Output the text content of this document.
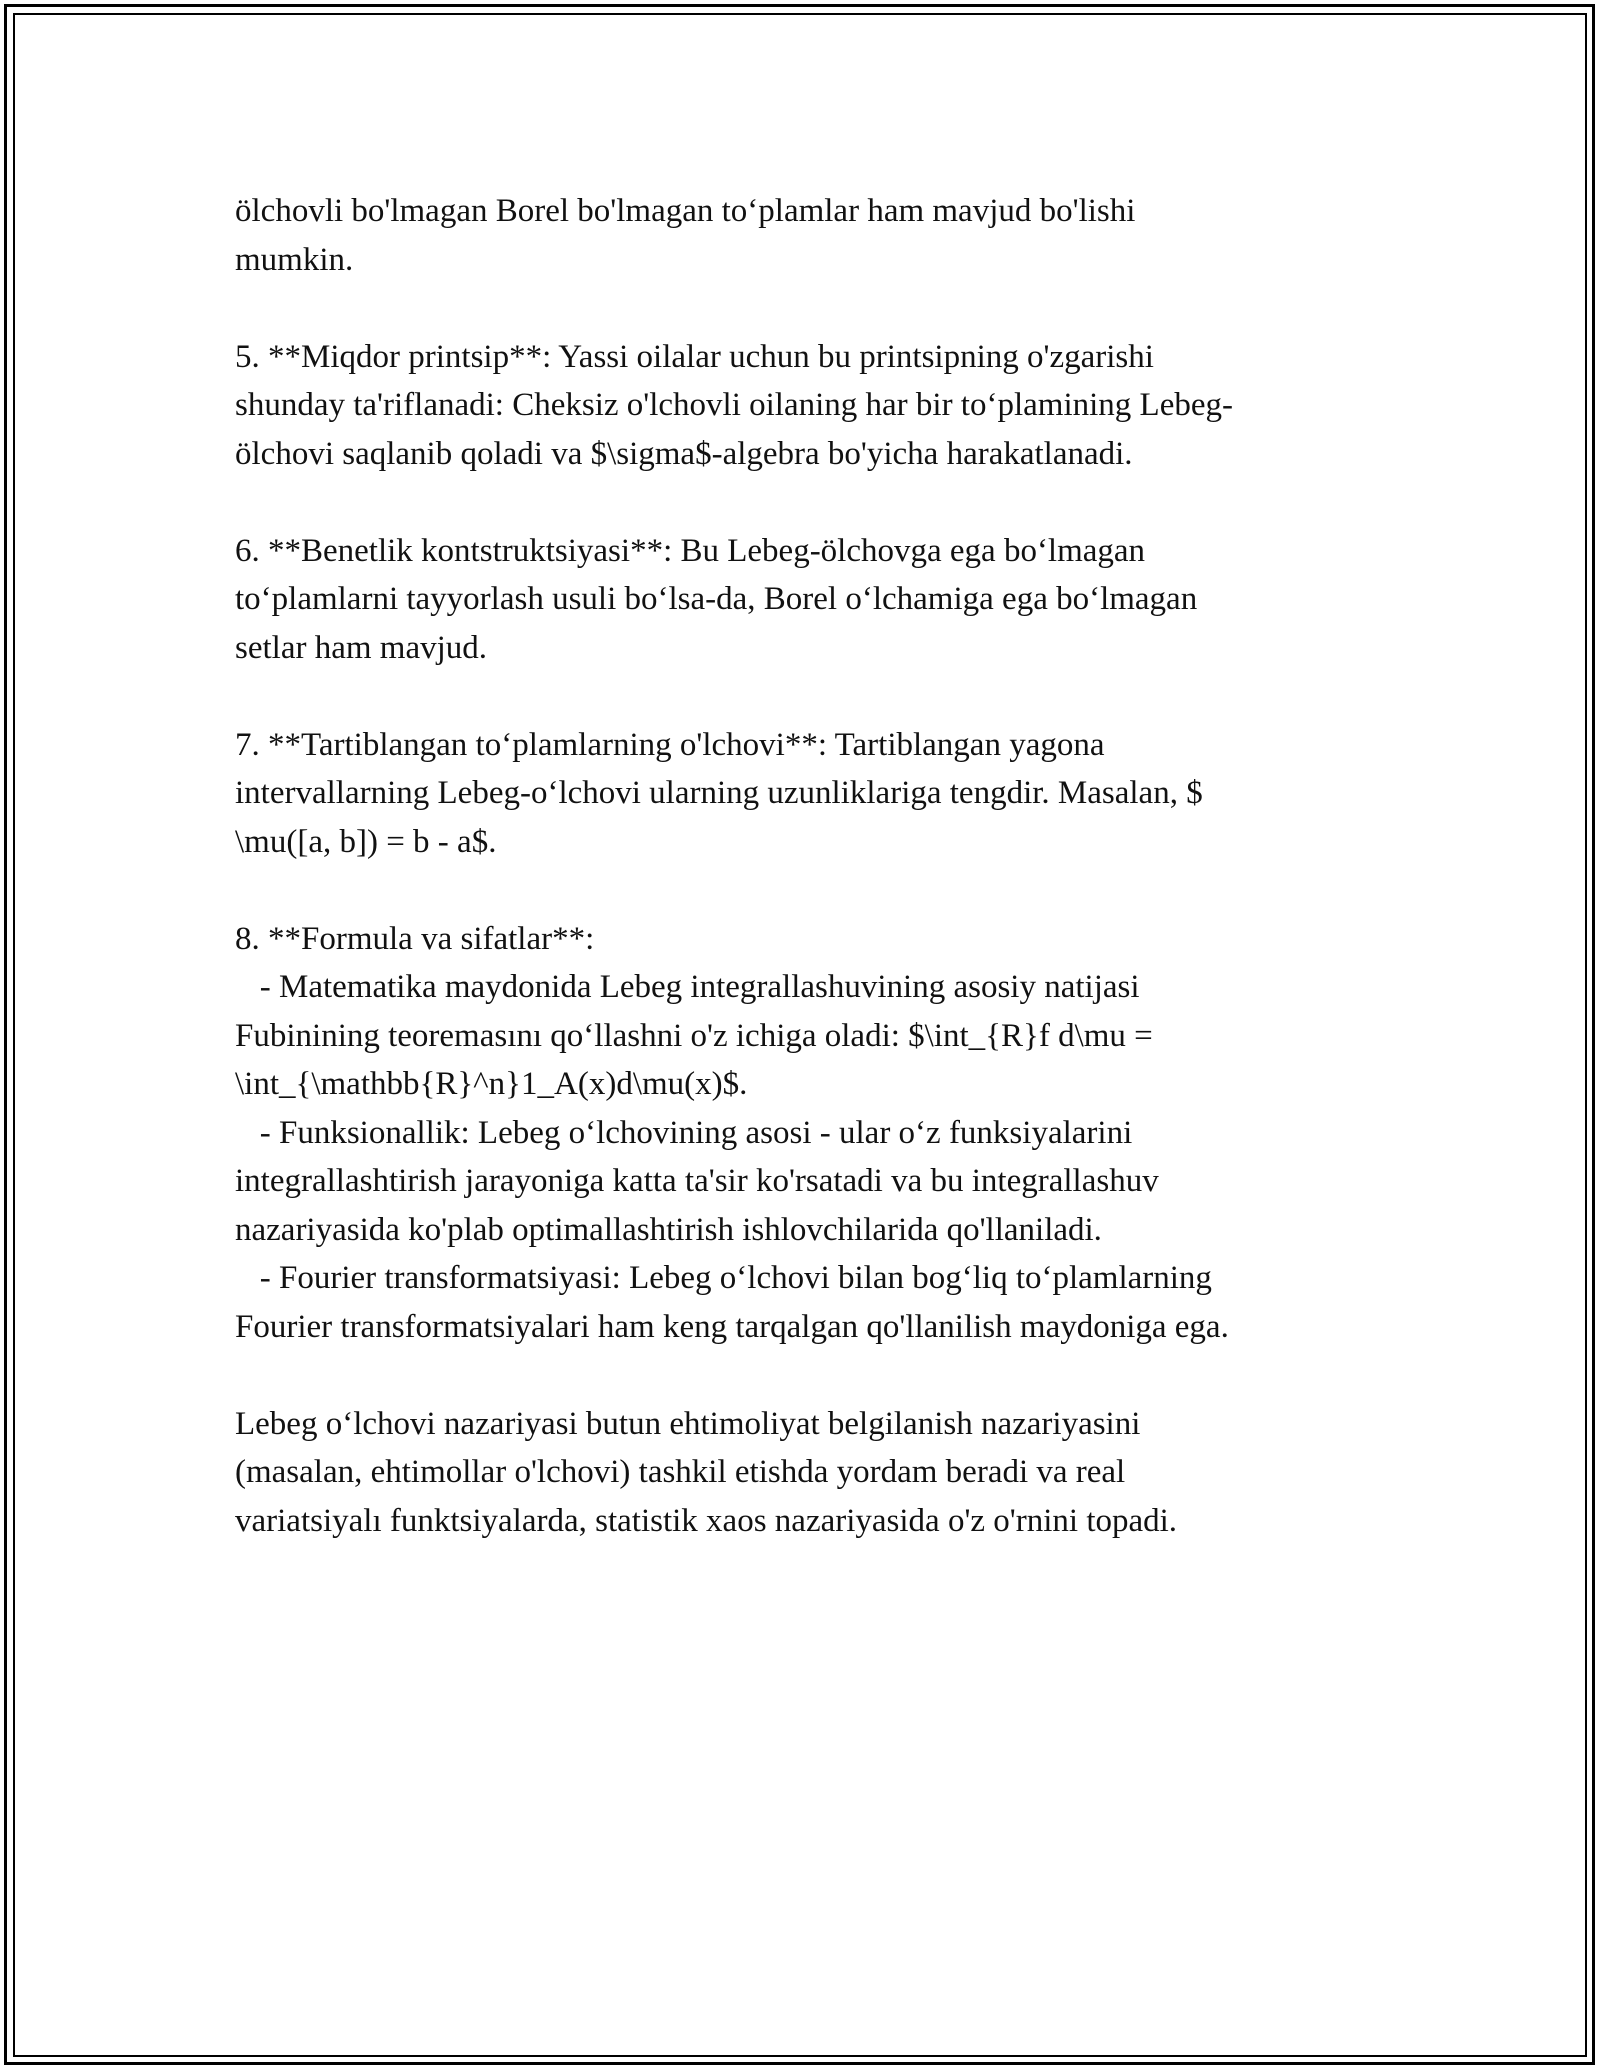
ölchovli bo'lmagan Borel bo'lmagan to‘plamlar ham mavjud bo'lishi
mumkin.

5. **Miqdor printsip**: Yassi oilalar uchun bu printsipning o'zgarishi
shunday ta'riflanadi: Cheksiz o'lchovli oilaning har bir to‘plamining Lebeg-
ölchovi saqlanib qoladi va $\sigma$-algebra bo'yicha harakatlanadi.

6. **Benetlik kontstruktsiyasi**: Bu Lebeg-ölchovga ega bo‘lmagan
to‘plamlarni tayyorlash usuli bo‘lsa-da, Borel o‘lchamiga ega bo‘lmagan
setlar ham mavjud.

7. **Tartiblangan to‘plamlarning o'lchovi**: Tartiblangan yagona
intervallarning Lebeg-o‘lchovi ularning uzunliklariga tengdir. Masalan, $
\mu([a, b]) = b - a$.

8. **Formula va sifatlar**:
- Matematika maydonida Lebeg integrallashuvining asosiy natijasi
Fubinining teoremasını qo‘llashni o'z ichiga oladi: $\int_{R}f d\mu =
\int_{\mathbb{R}^n}1_A(x)d\mu(x)$.
- Funksionallik: Lebeg o‘lchovining asosi - ular o‘z funksiyalarini
integrallashtirish jarayoniga katta ta'sir ko'rsatadi va bu integrallashuv
nazariyasida ko'plab optimallashtirish ishlovchilarida qo'llaniladi.
- Fourier transformatsiyasi: Lebeg o‘lchovi bilan bog‘liq to‘plamlarning
Fourier transformatsiyalari ham keng tarqalgan qo'llanilish maydoniga ega.

Lebeg o‘lchovi nazariyasi butun ehtimoliyat belgilanish nazariyasini
(masalan, ehtimollar o'lchovi) tashkil etishda yordam beradi va real
variatsiyalı funktsiyalarda, statistik xaos nazariyasida o'z o'rnini topadi.
